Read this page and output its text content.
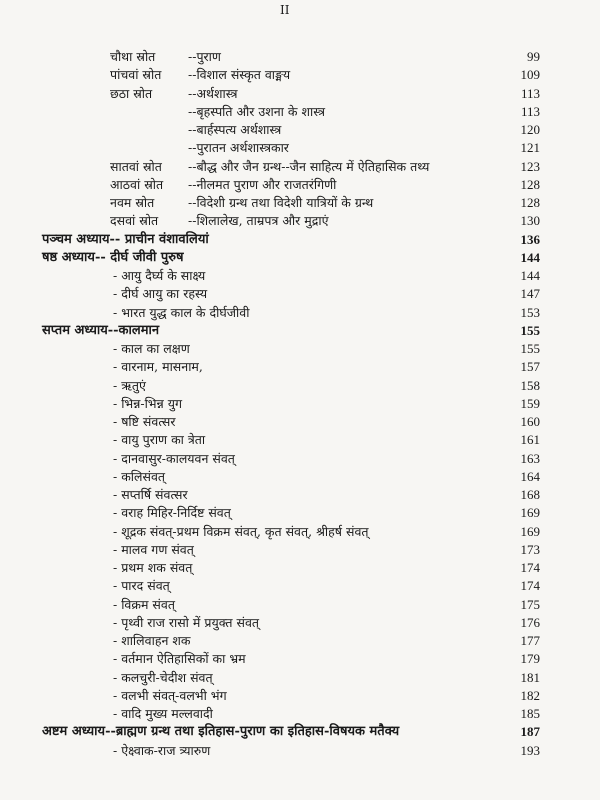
II
चौथा स्रोत	--पुराण	99
पांचवां स्रोत --विशाल संस्कृत वाङ्मय	109
छठा स्रोत	--अर्थशास्त्र	113
--बृहस्पति और उशना के शास्त्र	113
--बार्हस्पत्य अर्थशास्त्र	120
--पुरातन अर्थशास्त्रकार	121
सातवां स्रोत --बौद्ध और जैन ग्रन्थ--जैन साहित्य में ऐतिहासिक तथ्य	123
आठवां स्रोत --नीलमत पुराण और राजतरंगिणी	128
नवम स्रोत	--विदेशी ग्रन्थ तथा विदेशी यात्रियों के ग्रन्थ	128
दसवां स्रोत --शिलालेख, ताम्रपत्र और मुद्राएं	130
पञ्चम अध्याय-- प्राचीन वंशावलियां	136
षष्ठ अध्याय-- दीर्घ जीवी पुरुष	144
- आयु दैर्घ्य के साक्ष्य	144
- दीर्घ आयु का रहस्य	147
- भारत युद्ध काल के दीर्घजीवी	153
सप्तम अध्याय--कालमान	155
- काल का लक्षण	155
- वारनाम, मासनाम,	157
- ऋतुएं	158
- भिन्न-भिन्न युग	159
- षष्टि संवत्सर	160
- वायु पुराण का त्रेता	161
- दानवासुर-कालयवन संवत्	163
- कलिसंवत्	164
- सप्तर्षि संवत्सर	168
- वराह मिहिर-निर्दिष्ट संवत्	169
- शूद्रक संवत्-प्रथम विक्रम संवत्, कृत संवत्, श्रीहर्ष संवत्	169
- मालव गण संवत्	173
- प्रथम शक संवत्	174
- पारद संवत्	174
- विक्रम संवत्	175
- पृथ्वी राज रासो में प्रयुक्त संवत्	176
- शालिवाहन शक	177
- वर्तमान ऐतिहासिकों का भ्रम	179
- कलचुरी-चेदीश संवत्	181
- वलभी संवत्-वलभी भंग	182
- वादि मुख्य मल्लवादी	185
अष्टम अध्याय--ब्राह्मण ग्रन्थ तथा इतिहास-पुराण का इतिहास-विषयक मतैक्य	187
- ऐक्ष्वाक-राज त्र्यारुण	193
